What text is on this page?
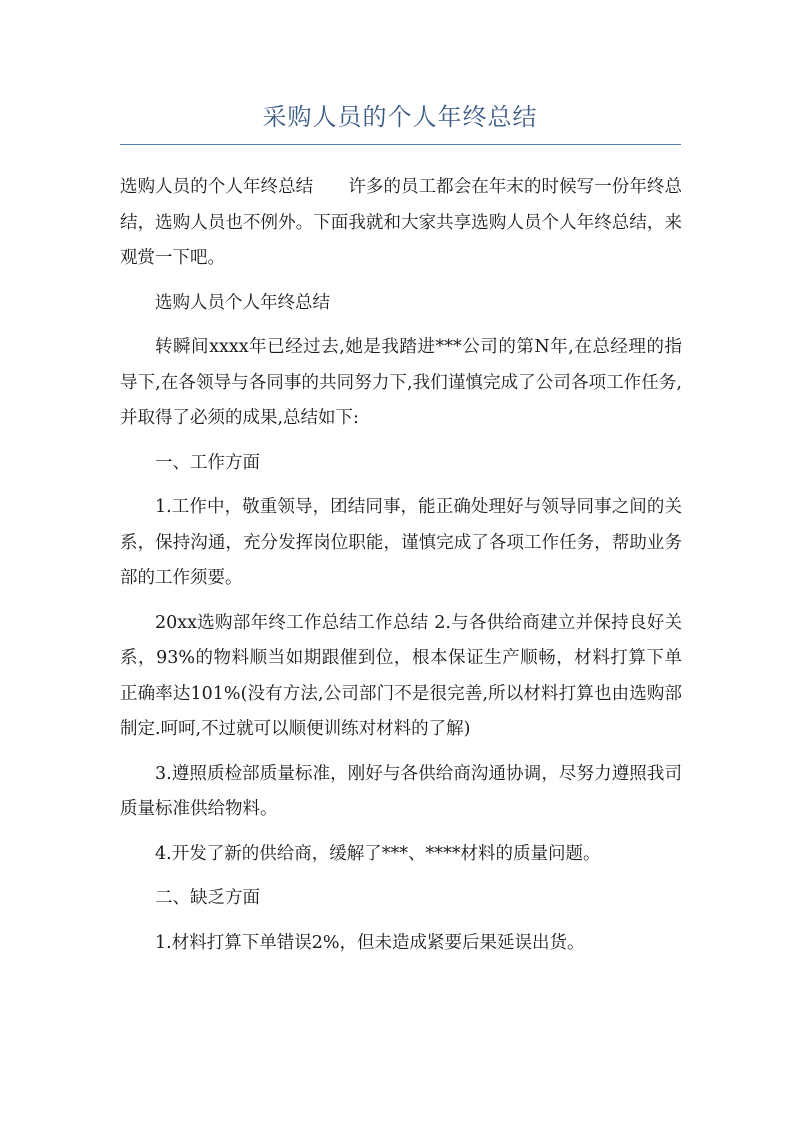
采购人员的个人年终总结

选购人员的个人年终总结　　许多的员工都会在年末的时候写一份年终总结，选购人员也不例外。下面我就和大家共享选购人员个人年终总结，来观赏一下吧。

选购人员个人年终总结

转瞬间xxxx年已经过去,她是我踏进***公司的第N年,在总经理的指导下,在各领导与各同事的共同努力下,我们谨慎完成了公司各项工作任务,并取得了必须的成果,总结如下:

一、工作方面

1.工作中，敬重领导，团结同事，能正确处理好与领导同事之间的关系，保持沟通，充分发挥岗位职能，谨慎完成了各项工作任务，帮助业务部的工作须要。

20xx选购部年终工作总结工作总结 2.与各供给商建立并保持良好关系，93%的物料顺当如期跟催到位，根本保证生产顺畅，材料打算下单正确率达101%(没有方法,公司部门不是很完善,所以材料打算也由选购部制定.呵呵,不过就可以顺便训练对材料的了解)

3.遵照质检部质量标准，刚好与各供给商沟通协调，尽努力遵照我司质量标准供给物料。

4.开发了新的供给商，缓解了***、****材料的质量问题。

二、缺乏方面

1.材料打算下单错误2%，但未造成紧要后果延误出货。
